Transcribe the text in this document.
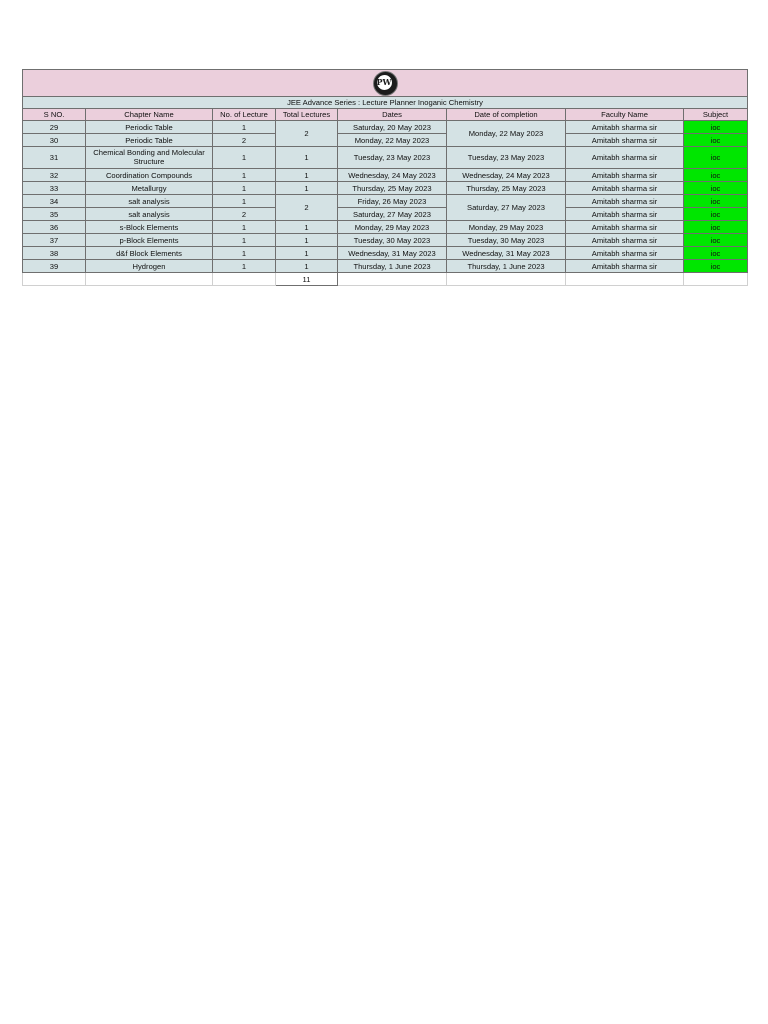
PW							

JEE Advance Series : Lecture Planner Inoganic Chemistry							
S NO.	Chapter Name	No. of Lecture	Total Lectures	Dates	Date of completion	Faculty Name	Subject
29	Periodic Table	1	2	Saturday, 20 May 2023	Monday, 22 May 2023	Amitabh sharma sir	ioc
30	Periodic Table	2		Monday, 22 May 2023		Amitabh sharma sir	ioc
31	Chemical Bonding and Molecular Structure	1	1	Tuesday, 23 May 2023	Tuesday, 23 May 2023	Amitabh sharma sir	ioc
32	Coordination Compounds	1	1	Wednesday, 24 May 2023	Wednesday, 24 May 2023	Amitabh sharma sir	ioc
33	Metallurgy	1	1	Thursday, 25 May 2023	Thursday, 25 May 2023	Amitabh sharma sir	ioc
34	salt analysis	1	2	Friday, 26 May 2023	Saturday, 27 May 2023	Amitabh sharma sir	ioc
35	salt analysis	2		Saturday, 27 May 2023		Amitabh sharma sir	ioc
36	s-Block Elements	1	1	Monday, 29 May 2023	Monday, 29 May 2023	Amitabh sharma sir	ioc
37	p-Block Elements	1	1	Tuesday, 30 May 2023	Tuesday, 30 May 2023	Amitabh sharma sir	ioc
38	d&f Block Elements	1	1	Wednesday, 31 May 2023	Wednesday, 31 May 2023	Amitabh sharma sir	ioc
39	Hydrogen	1	1	Thursday, 1 June 2023	Thursday, 1 June 2023	Amitabh sharma sir	ioc
			11				
